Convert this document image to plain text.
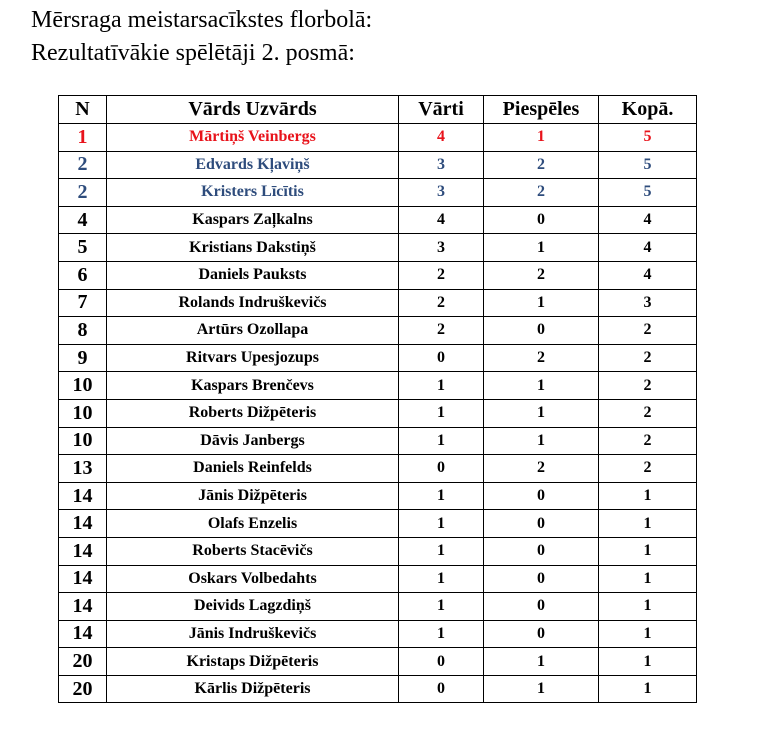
Mērsraga meistarsacīkstes florbolā:
Rezultatīvākie spēlētāji 2. posmā:
N	Vārds Uzvārds	Vārti	Piespēles	Kopā.
1	Mārtiņš Veinbergs	4	1	5
2	Edvards Kļaviņš	3	2	5
2	Kristers Līcītis	3	2	5
4	Kaspars Zaļkalns	4	0	4
5	Kristians Dakstiņš	3	1	4
6	Daniels Pauksts	2	2	4
7	Rolands Indruškevičs	2	1	3
8	Artūrs Ozollapa	2	0	2
9	Ritvars Upesjozups	0	2	2
10	Kaspars Brenčevs	1	1	2
10	Roberts Dižpēteris	1	1	2
10	Dāvis Janbergs	1	1	2
13	Daniels Reinfelds	0	2	2
14	Jānis Dižpēteris	1	0	1
14	Olafs Enzelis	1	0	1
14	Roberts Stacēvičs	1	0	1
14	Oskars Volbedahts	1	0	1
14	Deivids Lagzdiņš	1	0	1
14	Jānis Indruškevičs	1	0	1
20	Kristaps Dižpēteris	0	1	1
20	Kārlis Dižpēteris	0	1	1
